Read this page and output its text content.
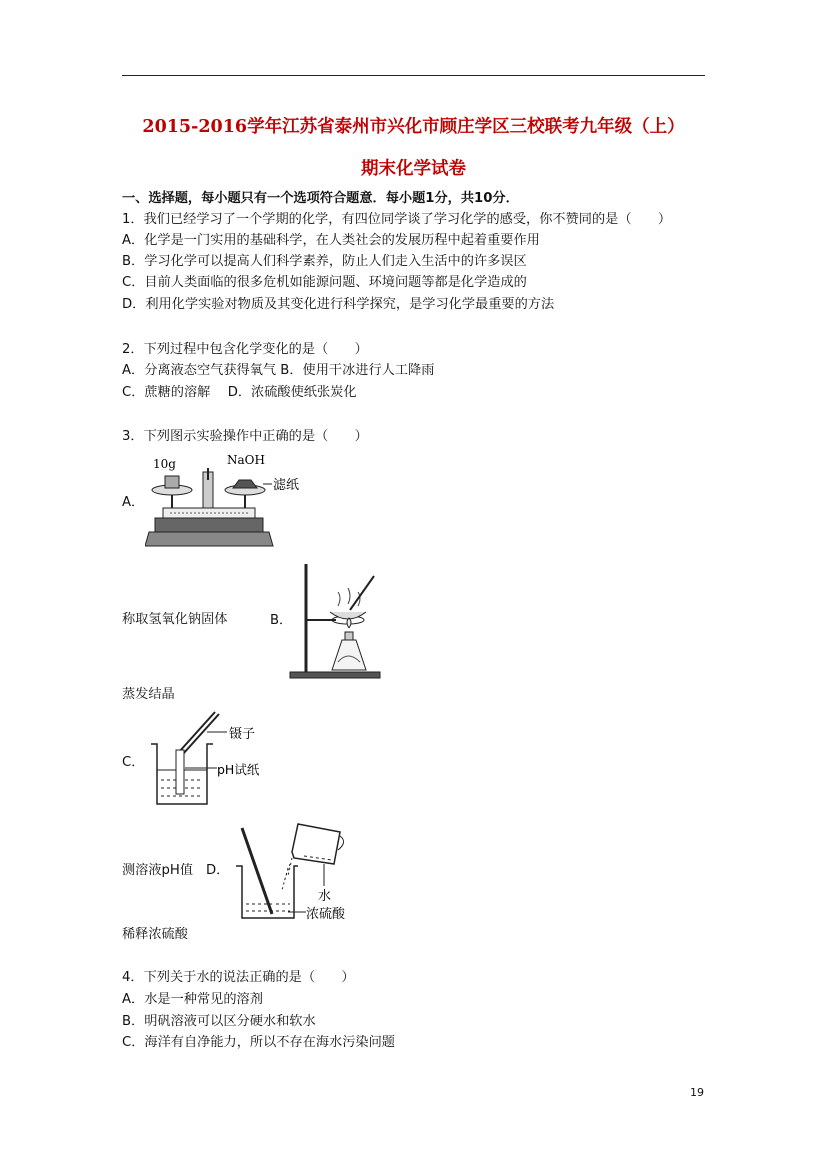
2015-2016学年江苏省泰州市兴化市顾庄学区三校联考九年级（上）
期末化学试卷
一、选择题，每小题只有一个选项符合题意．每小题1分，共10分．
1．我们已经学习了一个学期的化学，有四位同学谈了学习化学的感受，你不赞同的是（　　）
A．化学是一门实用的基础科学，在人类社会的发展历程中起着重要作用
B．学习化学可以提高人们科学素养，防止人们走入生活中的许多误区
C．目前人类面临的很多危机如能源问题、环境问题等都是化学造成的
D．利用化学实验对物质及其变化进行科学探究，是学习化学最重要的方法
2．下列过程中包含化学变化的是（　　）
A．分离液态空气获得氧气 B．使用干冰进行人工降雨
C．蔗糖的溶解　 D．浓硫酸使纸张炭化
3．下列图示实验操作中正确的是（　　）
A．
10g	NaOH
滤纸
称取氢氧化钠固体	B．
蒸发结晶
C．
镊子
pH试纸
测溶液pH值 D．
水
浓硫酸
稀释浓硫酸
4．下列关于水的说法正确的是（　　）
A．水是一种常见的溶剂
B．明矾溶液可以区分硬水和软水
C．海洋有自净能力，所以不存在海水污染问题
19
